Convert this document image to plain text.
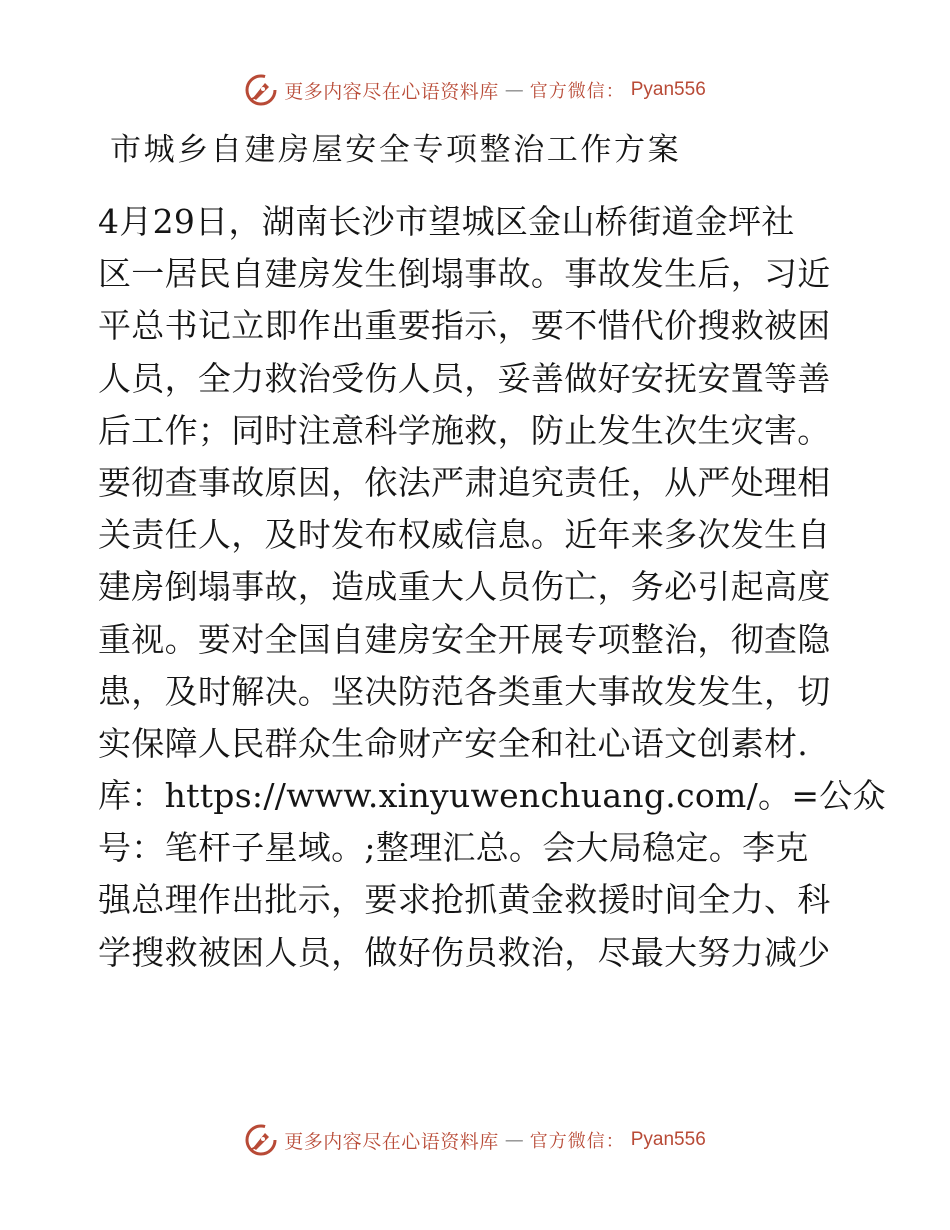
更多内容尽在心语资料库 — 官方微信： Pyan556
市城乡自建房屋安全专项整治工作方案
4月29日，湖南长沙市望城区金山桥街道金坪社
区一居民自建房发生倒塌事故。事故发生后，习近
平总书记立即作出重要指示，要不惜代价搜救被困
人员，全力救治受伤人员，妥善做好安抚安置等善
后工作；同时注意科学施救，防止发生次生灾害。
要彻查事故原因，依法严肃追究责任，从严处理相
关责任人，及时发布权威信息。近年来多次发生自
建房倒塌事故，造成重大人员伤亡，务必引起高度
重视。要对全国自建房安全开展专项整治，彻查隐
患，及时解决。坚决防范各类重大事故发发生，切
实保障人民群众生命财产安全和社心语文创素材.
库：https://www.xinyuwenchuang.com/。=公众
号：笔杆子星域。;整理汇总。会大局稳定。李克
强总理作出批示，要求抢抓黄金救援时间全力、科
学搜救被困人员，做好伤员救治，尽最大努力减少
更多内容尽在心语资料库 — 官方微信： Pyan556
